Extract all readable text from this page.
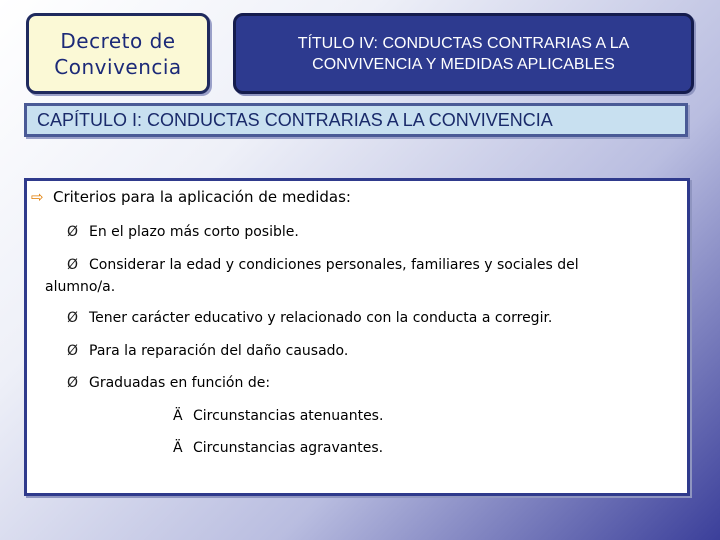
Decreto de
Convivencia
TÍTULO IV: CONDUCTAS CONTRARIAS A LA
CONVIVENCIA Y MEDIDAS APLICABLES
CAPÍTULO I: CONDUCTAS CONTRARIAS A LA CONVIVENCIA
⇨ Criterios para la aplicación de medidas:
Ø En el plazo más corto posible.
Ø Considerar la edad y condiciones personales, familiares y sociales del
alumno/a.
Ø Tener carácter educativo y relacionado con la conducta a corregir.
Ø Para la reparación del daño causado.
Ø Graduadas en función de:
Ä Circunstancias atenuantes.
Ä Circunstancias agravantes.
